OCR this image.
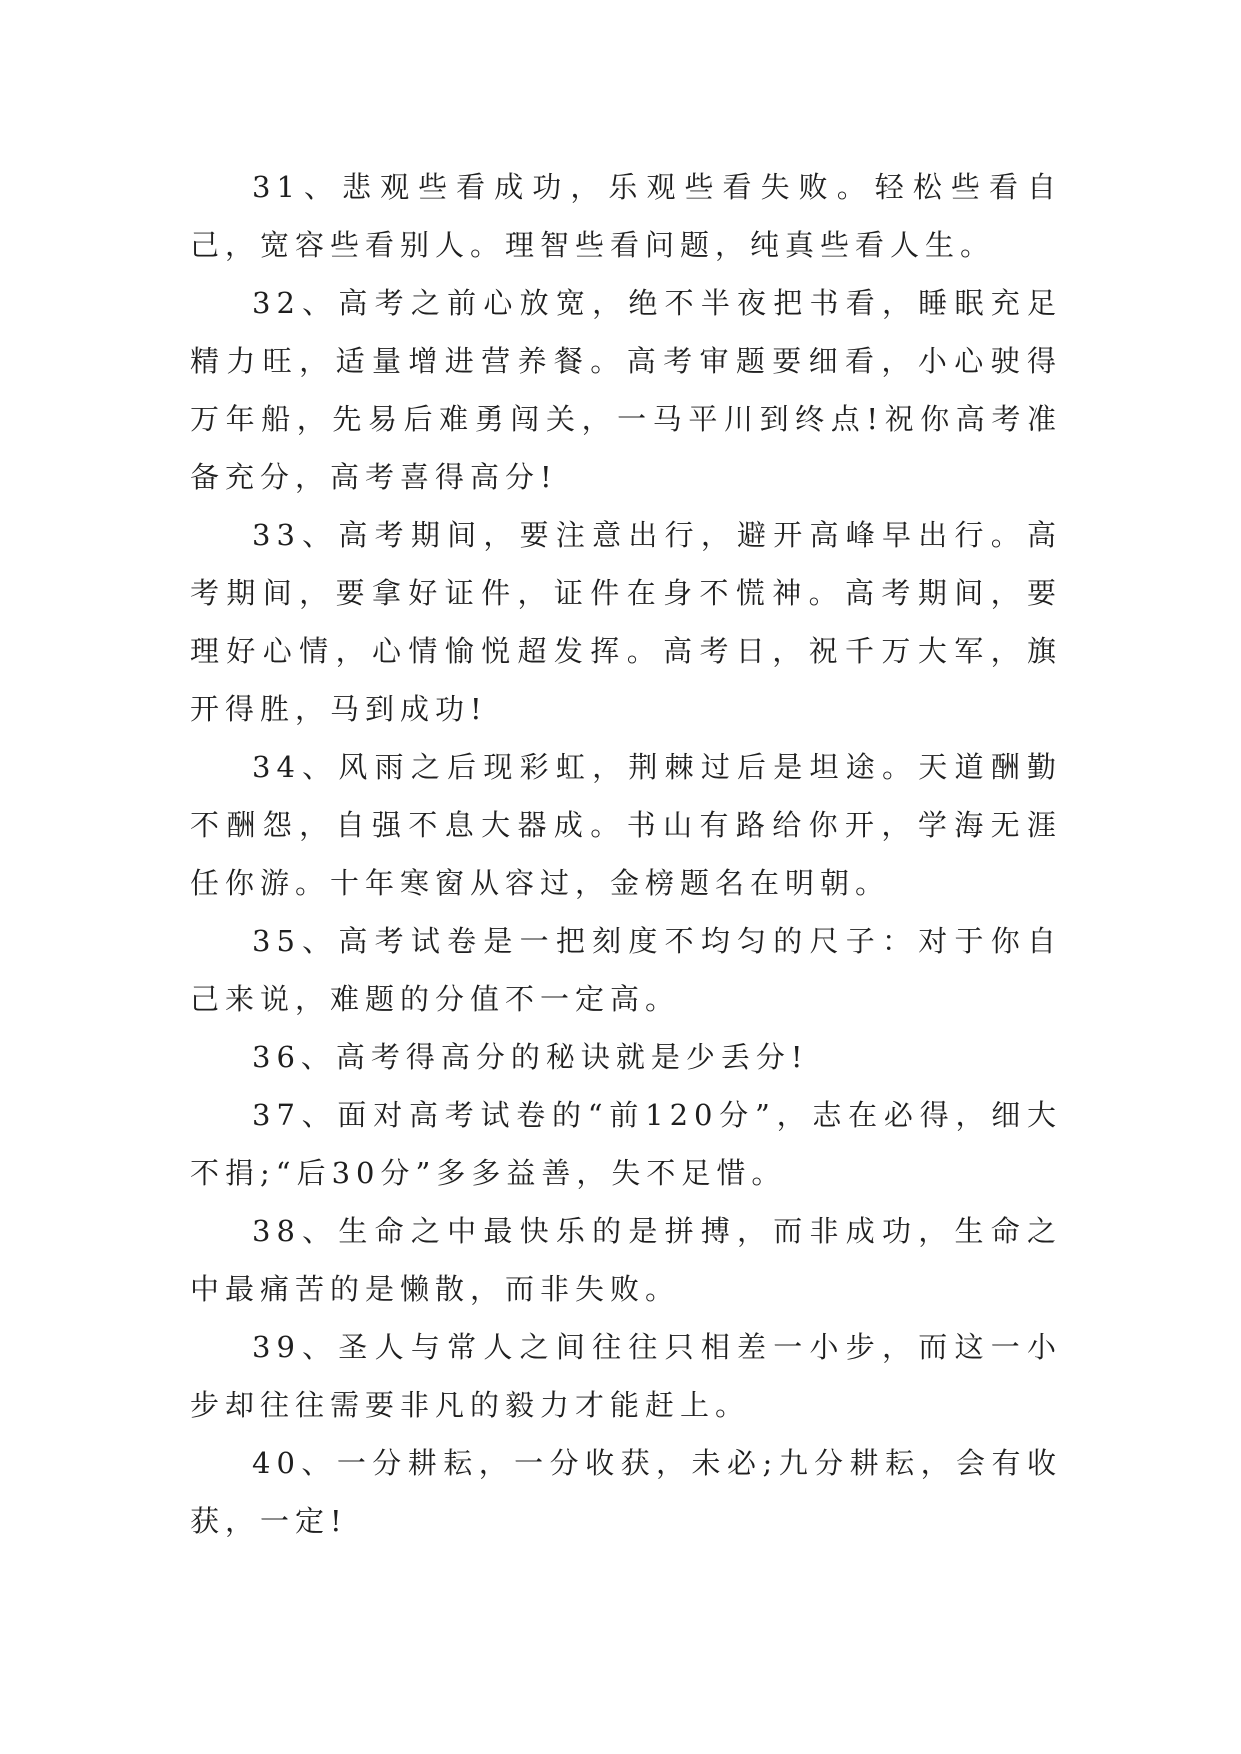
31、悲观些看成功，乐观些看失败。轻松些看自己，宽容些看别人。理智些看问题，纯真些看人生。

32、高考之前心放宽，绝不半夜把书看，睡眠充足精力旺，适量增进营养餐。高考审题要细看，小心驶得万年船，先易后难勇闯关，一马平川到终点!祝你高考准备充分，高考喜得高分!

33、高考期间，要注意出行，避开高峰早出行。高考期间，要拿好证件，证件在身不慌神。高考期间，要理好心情，心情愉悦超发挥。高考日，祝千万大军，旗开得胜，马到成功!

34、风雨之后现彩虹，荆棘过后是坦途。天道酬勤不酬怨，自强不息大器成。书山有路给你开，学海无涯任你游。十年寒窗从容过，金榜题名在明朝。

35、高考试卷是一把刻度不均匀的尺子：对于你自己来说，难题的分值不一定高。

36、高考得高分的秘诀就是少丢分!

37、面对高考试卷的“前120分”，志在必得，细大不捐;“后30分”多多益善，失不足惜。

38、生命之中最快乐的是拼搏，而非成功，生命之中最痛苦的是懒散，而非失败。

39、圣人与常人之间往往只相差一小步，而这一小步却往往需要非凡的毅力才能赶上。

40、一分耕耘，一分收获，未必;九分耕耘，会有收获，一定!
